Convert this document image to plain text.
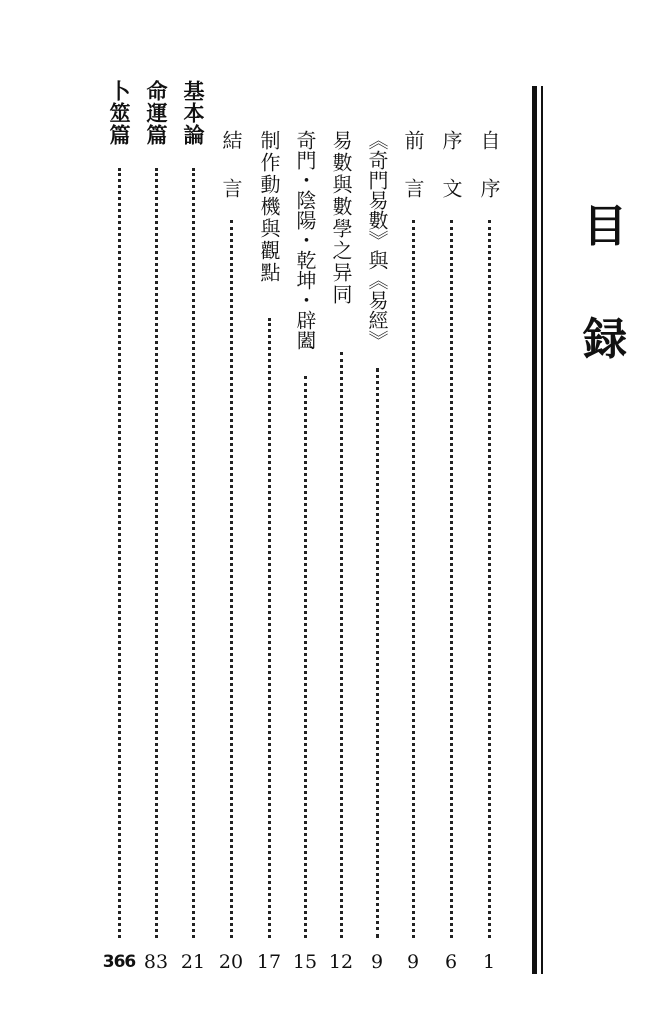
目
録
自　序
1
序　文
6
前　言
9
︽奇門易數︾與︽易經︾
9
易數與數學之异同
12
奇門・陰陽・乾坤・辟闔
15
制作動機與觀點
17
結　言
20
基本論
21
命運篇
83
卜筮篇
366
